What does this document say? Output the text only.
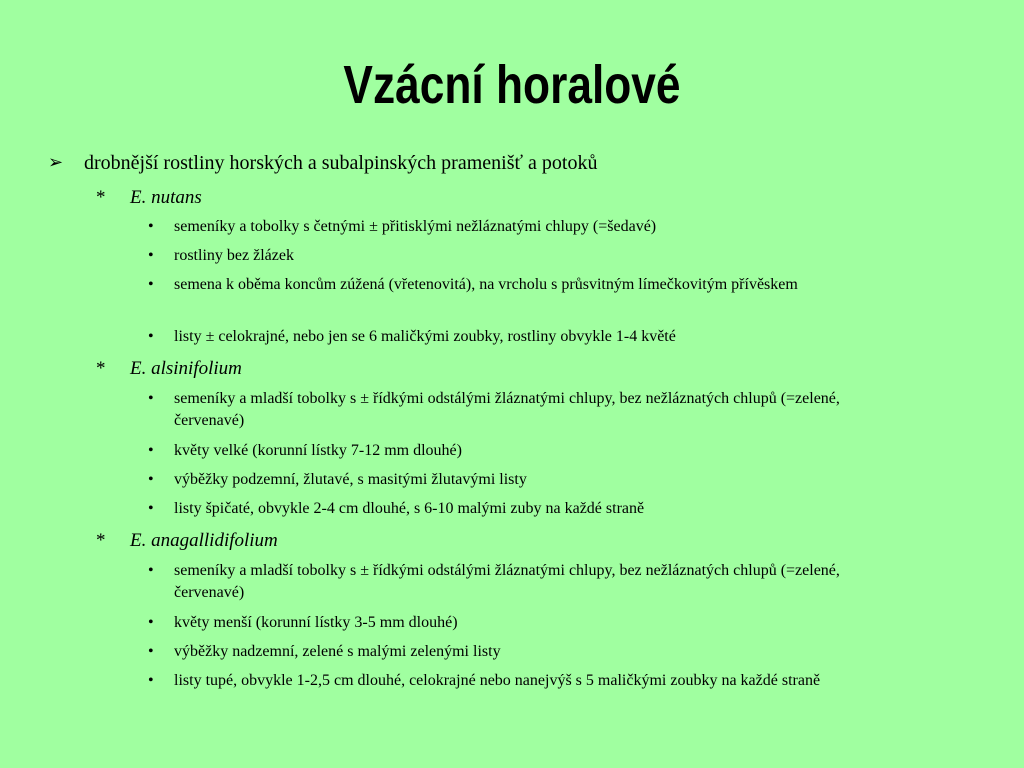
Vzácní horalové
➢	drobnější rostliny horských a subalpinských pramenišť a potoků
* E. nutans
• semeníky a tobolky s četnými ± přitisklými nežláznatými chlupy (=šedavé)
• rostliny bez žlázek
• semena k oběma koncům zúžená (vřetenovitá), na vrcholu s průsvitným límečkovitým přívěskem
• listy ± celokrajné, nebo jen se 6 maličkými zoubky, rostliny obvykle 1-4 květé
* E. alsinifolium
• semeníky a mladší tobolky s ± řídkými odstálými žláznatými chlupy, bez nežláznatých chlupů (=zelené, červenavé)
• květy velké (korunní lístky 7-12 mm dlouhé)
• výběžky podzemní, žlutavé, s masitými žlutavými listy
• listy špičaté, obvykle 2-4 cm dlouhé, s 6-10 malými zuby na každé straně
* E. anagallidifolium
• semeníky a mladší tobolky s ± řídkými odstálými žláznatými chlupy, bez nežláznatých chlupů (=zelené, červenavé)
• květy menší (korunní lístky 3-5 mm dlouhé)
• výběžky nadzemní, zelené s malými zelenými listy
• listy tupé, obvykle 1-2,5 cm dlouhé, celokrajné nebo nanejvýš s 5 maličkými zoubky na každé straně
